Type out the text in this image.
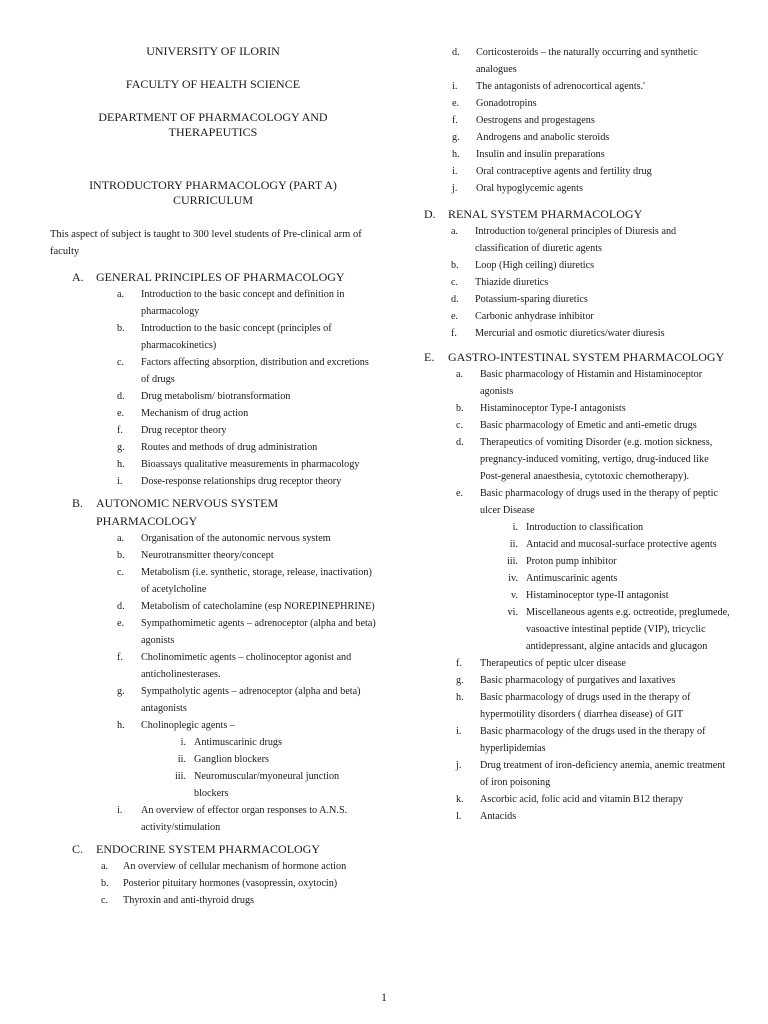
UNIVERSITY OF ILORIN
FACULTY OF HEALTH SCIENCE
DEPARTMENT OF PHARMACOLOGY AND
THERAPEUTICS
INTRODUCTORY PHARMACOLOGY (PART A)
CURRICULUM
This aspect of subject is taught to 300 level students of Pre-clinical arm of faculty
A.	GENERAL PRINCIPLES OF PHARMACOLOGY
a.	Introduction to the basic concept and definition in pharmacology
b.	Introduction to the basic concept (principles of pharmacokinetics)
c.	Factors affecting absorption, distribution and excretions of drugs
d.	Drug metabolism/ biotransformation
e.	Mechanism of drug action
f.	Drug receptor theory
g.	Routes and methods of drug administration
h.	Bioassays qualitative measurements in pharmacology
i.	Dose-response relationships drug receptor theory
B.	AUTONOMIC NERVOUS SYSTEM PHARMACOLOGY
a.	Organisation of the autonomic nervous system
b.	Neurotransmitter theory/concept
c.	Metabolism (i.e. synthetic, storage, release, inactivation) of acetylcholine
d.	Metabolism of catecholamine (esp NOREPINEPHRINE)
e.	Sympathomimetic agents – adrenoceptor (alpha and beta) agonists
f.	Cholinomimetic agents – cholinoceptor agonist and anticholinesterases.
g.	Sympatholytic agents – adrenoceptor (alpha and beta) antagonists
h.	Cholinoplegic agents –
i. Antimuscarinic drugs
ii. Ganglion blockers
iii. Neuromuscular/myoneural junction blockers
i.	An overview of effector organ responses to A.N.S. activity/stimulation
C.	ENDOCRINE SYSTEM PHARMACOLOGY
a.	An overview of cellular mechanism of hormone action
b.	Posterior pituitary hormones (vasopressin, oxytocin)
c.	Thyroxin and anti-thyroid drugs
d.	Corticosteroids – the naturally occurring and synthetic analogues
i.	The antagonists of adrenocortical agents.'
e.	Gonadotropins
f.	Oestrogens and progestagens
g.	Androgens and anabolic steroids
h.	Insulin and insulin preparations
i.	Oral contraceptive agents and fertility drug
j.	Oral hypoglycemic agents
D.	RENAL SYSTEM PHARMACOLOGY
a.	Introduction to/general principles of Diuresis and classification of diuretic agents
b.	Loop (High ceiling) diuretics
c.	Thiazide diuretics
d.	Potassium-sparing diuretics
e.	Carbonic anhydrase inhibitor
f.	Mercurial and osmotic diuretics/water diuresis
E.	GASTRO-INTESTINAL SYSTEM PHARMACOLOGY
a.	Basic pharmacology of Histamin and Histaminoceptor agonists
b.	Histaminoceptor Type-I antagonists
c.	Basic pharmacology of Emetic and anti-emetic drugs
d.	Therapeutics of vomiting Disorder (e.g. motion sickness, pregnancy-induced vomiting, vertigo, drug-induced like Post-general anaesthesia, cytotoxic chemotherapy).
e.	Basic pharmacology of drugs used in the therapy of peptic ulcer Disease
i. Introduction to classification
ii. Antacid and mucosal-surface protective agents
iii. Proton pump inhibitor
iv. Antimuscarinic agents
v. Histaminoceptor type-II antagonist
vi. Miscellaneous agents e.g. octreotide, preglumede, vasoactive intestinal peptide (VIP), tricyclic antidepressant, algine antacids and glucagon
f.	Therapeutics of peptic ulcer disease
g.	Basic pharmacology of purgatives and laxatives
h.	Basic pharmacology of drugs used in the therapy of hypermotility disorders ( diarrhea disease) of GIT
i.	Basic pharmacology of the drugs used in the therapy of hyperlipidemias
j.	Drug treatment of iron-deficiency anemia, anemic treatment of iron poisoning
k.	Ascorbic acid, folic acid and vitamin B12 therapy
l.	Antacids
1
